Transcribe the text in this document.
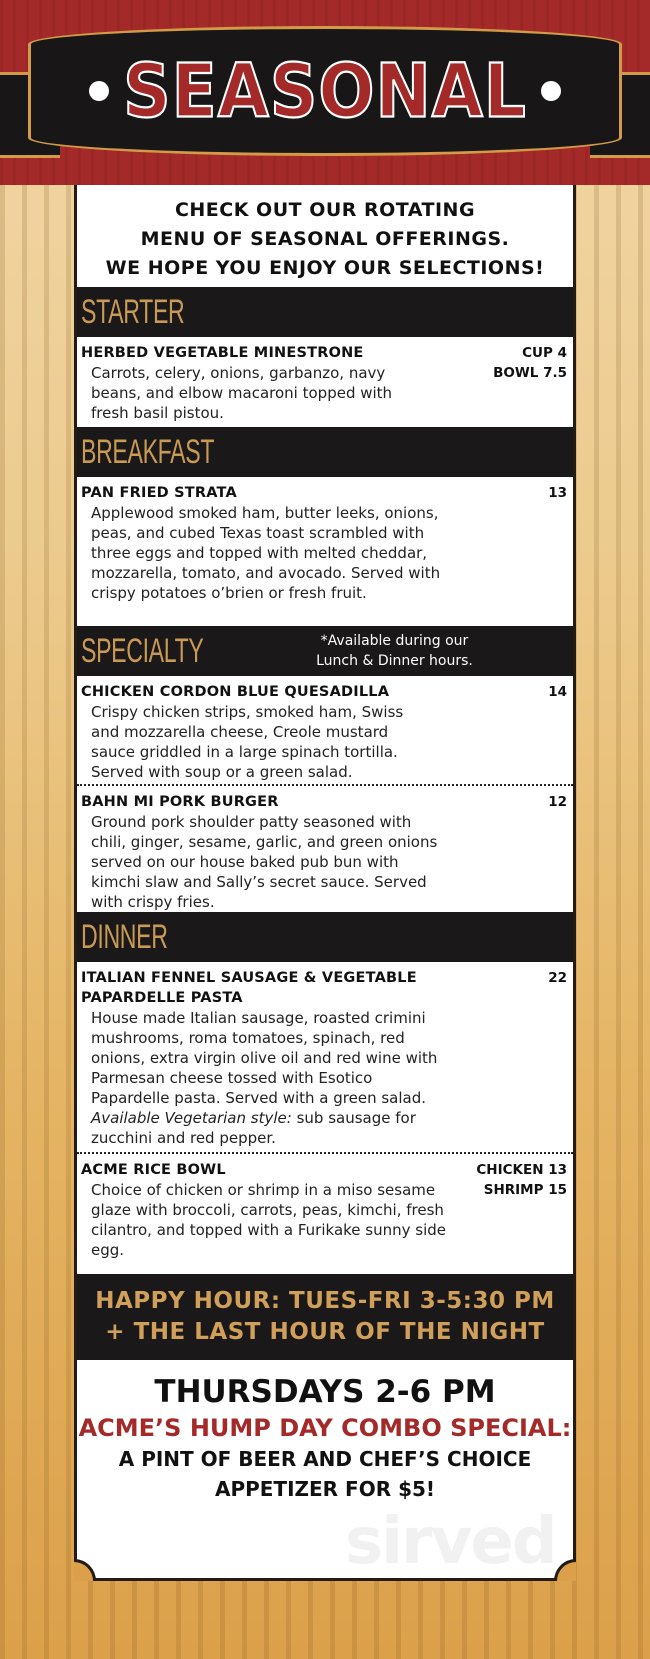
SEASONAL
CHECK OUT OUR ROTATING
MENU OF SEASONAL OFFERINGS.
WE HOPE YOU ENJOY OUR SELECTIONS!
STARTER
HERBED VEGETABLE MINESTRONE	CUP 4
BOWL 7.5
Carrots, celery, onions, garbanzo, navy beans, and elbow macaroni topped with fresh basil pistou.
BREAKFAST
PAN FRIED STRATA	13
Applewood smoked ham, butter leeks, onions, peas, and cubed Texas toast scrambled with three eggs and topped with melted cheddar, mozzarella, tomato, and avocado. Served with crispy potatoes o’brien or fresh fruit.
SPECIALTY	*Available during our
Lunch & Dinner hours.
CHICKEN CORDON BLUE QUESADILLA	14
Crispy chicken strips, smoked ham, Swiss and mozzarella cheese, Creole mustard sauce griddled in a large spinach tortilla. Served with soup or a green salad.
BAHN MI PORK BURGER	12
Ground pork shoulder patty seasoned with chili, ginger, sesame, garlic, and green onions served on our house baked pub bun with kimchi slaw and Sally’s secret sauce. Served with crispy fries.
DINNER
ITALIAN FENNEL SAUSAGE & VEGETABLE
PAPARDELLE PASTA
22
House made Italian sausage, roasted crimini mushrooms, roma tomatoes, spinach, red onions, extra virgin olive oil and red wine with Parmesan cheese tossed with Esotico Papardelle pasta. Served with a green salad. Available Vegetarian style: sub sausage for zucchini and red pepper.
ACME RICE BOWL	CHICKEN 13
SHRIMP 15
Choice of chicken or shrimp in a miso sesame glaze with broccoli, carrots, peas, kimchi, fresh cilantro, and topped with a Furikake sunny side egg.
HAPPY HOUR: TUES-FRI 3-5:30 PM
+ THE LAST HOUR OF THE NIGHT
THURSDAYS 2-6 PM
ACME’S HUMP DAY COMBO SPECIAL:
A PINT OF BEER AND CHEF’S CHOICE
APPETIZER FOR $5!
sirved
